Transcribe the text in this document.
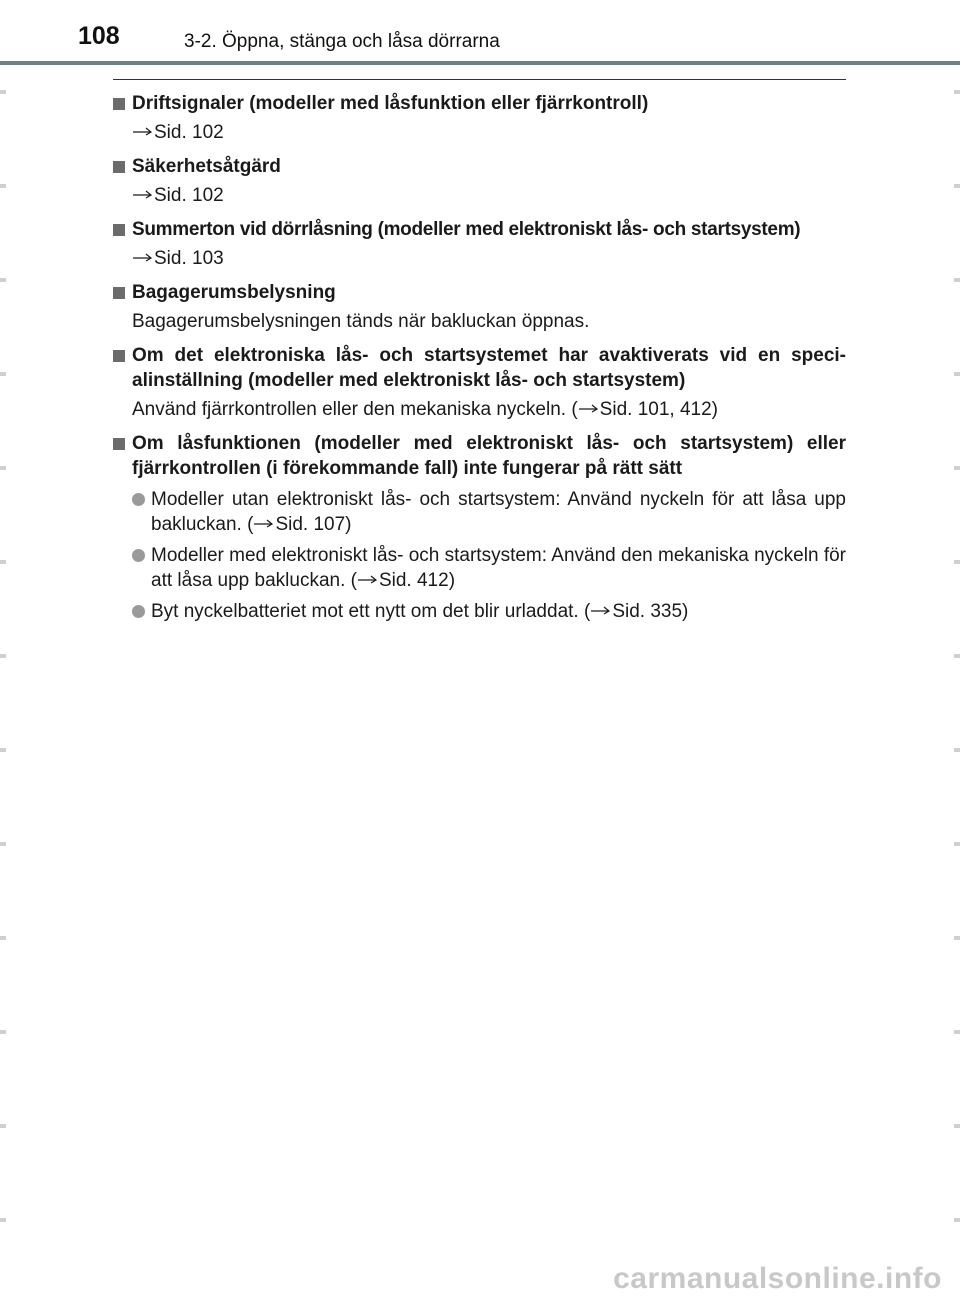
108	3-2. Öppna, stänga och låsa dörrarna
Driftsignaler (modeller med låsfunktion eller fjärrkontroll)
Sid. 102
Säkerhetsåtgärd
Sid. 102
Summerton vid dörrlåsning (modeller med elektroniskt lås- och startsystem)
Sid. 103
Bagagerumsbelysning
Bagagerumsbelysningen tänds när bakluckan öppnas.
Om det elektroniska lås- och startsystemet har avaktiverats vid en speci-alinställning (modeller med elektroniskt lås- och startsystem)
Använd fjärrkontrollen eller den mekaniska nyckeln. ( Sid. 101, 412)
Om låsfunktionen (modeller med elektroniskt lås- och startsystem) eller fjärrkontrollen (i förekommande fall) inte fungerar på rätt sätt
Modeller utan elektroniskt lås- och startsystem: Använd nyckeln för att låsa upp bakluckan. ( Sid. 107)
Modeller med elektroniskt lås- och startsystem: Använd den mekaniska nyckeln för att låsa upp bakluckan. ( Sid. 412)
Byt nyckelbatteriet mot ett nytt om det blir urladdat. ( Sid. 335)
carmanualsonline.info
